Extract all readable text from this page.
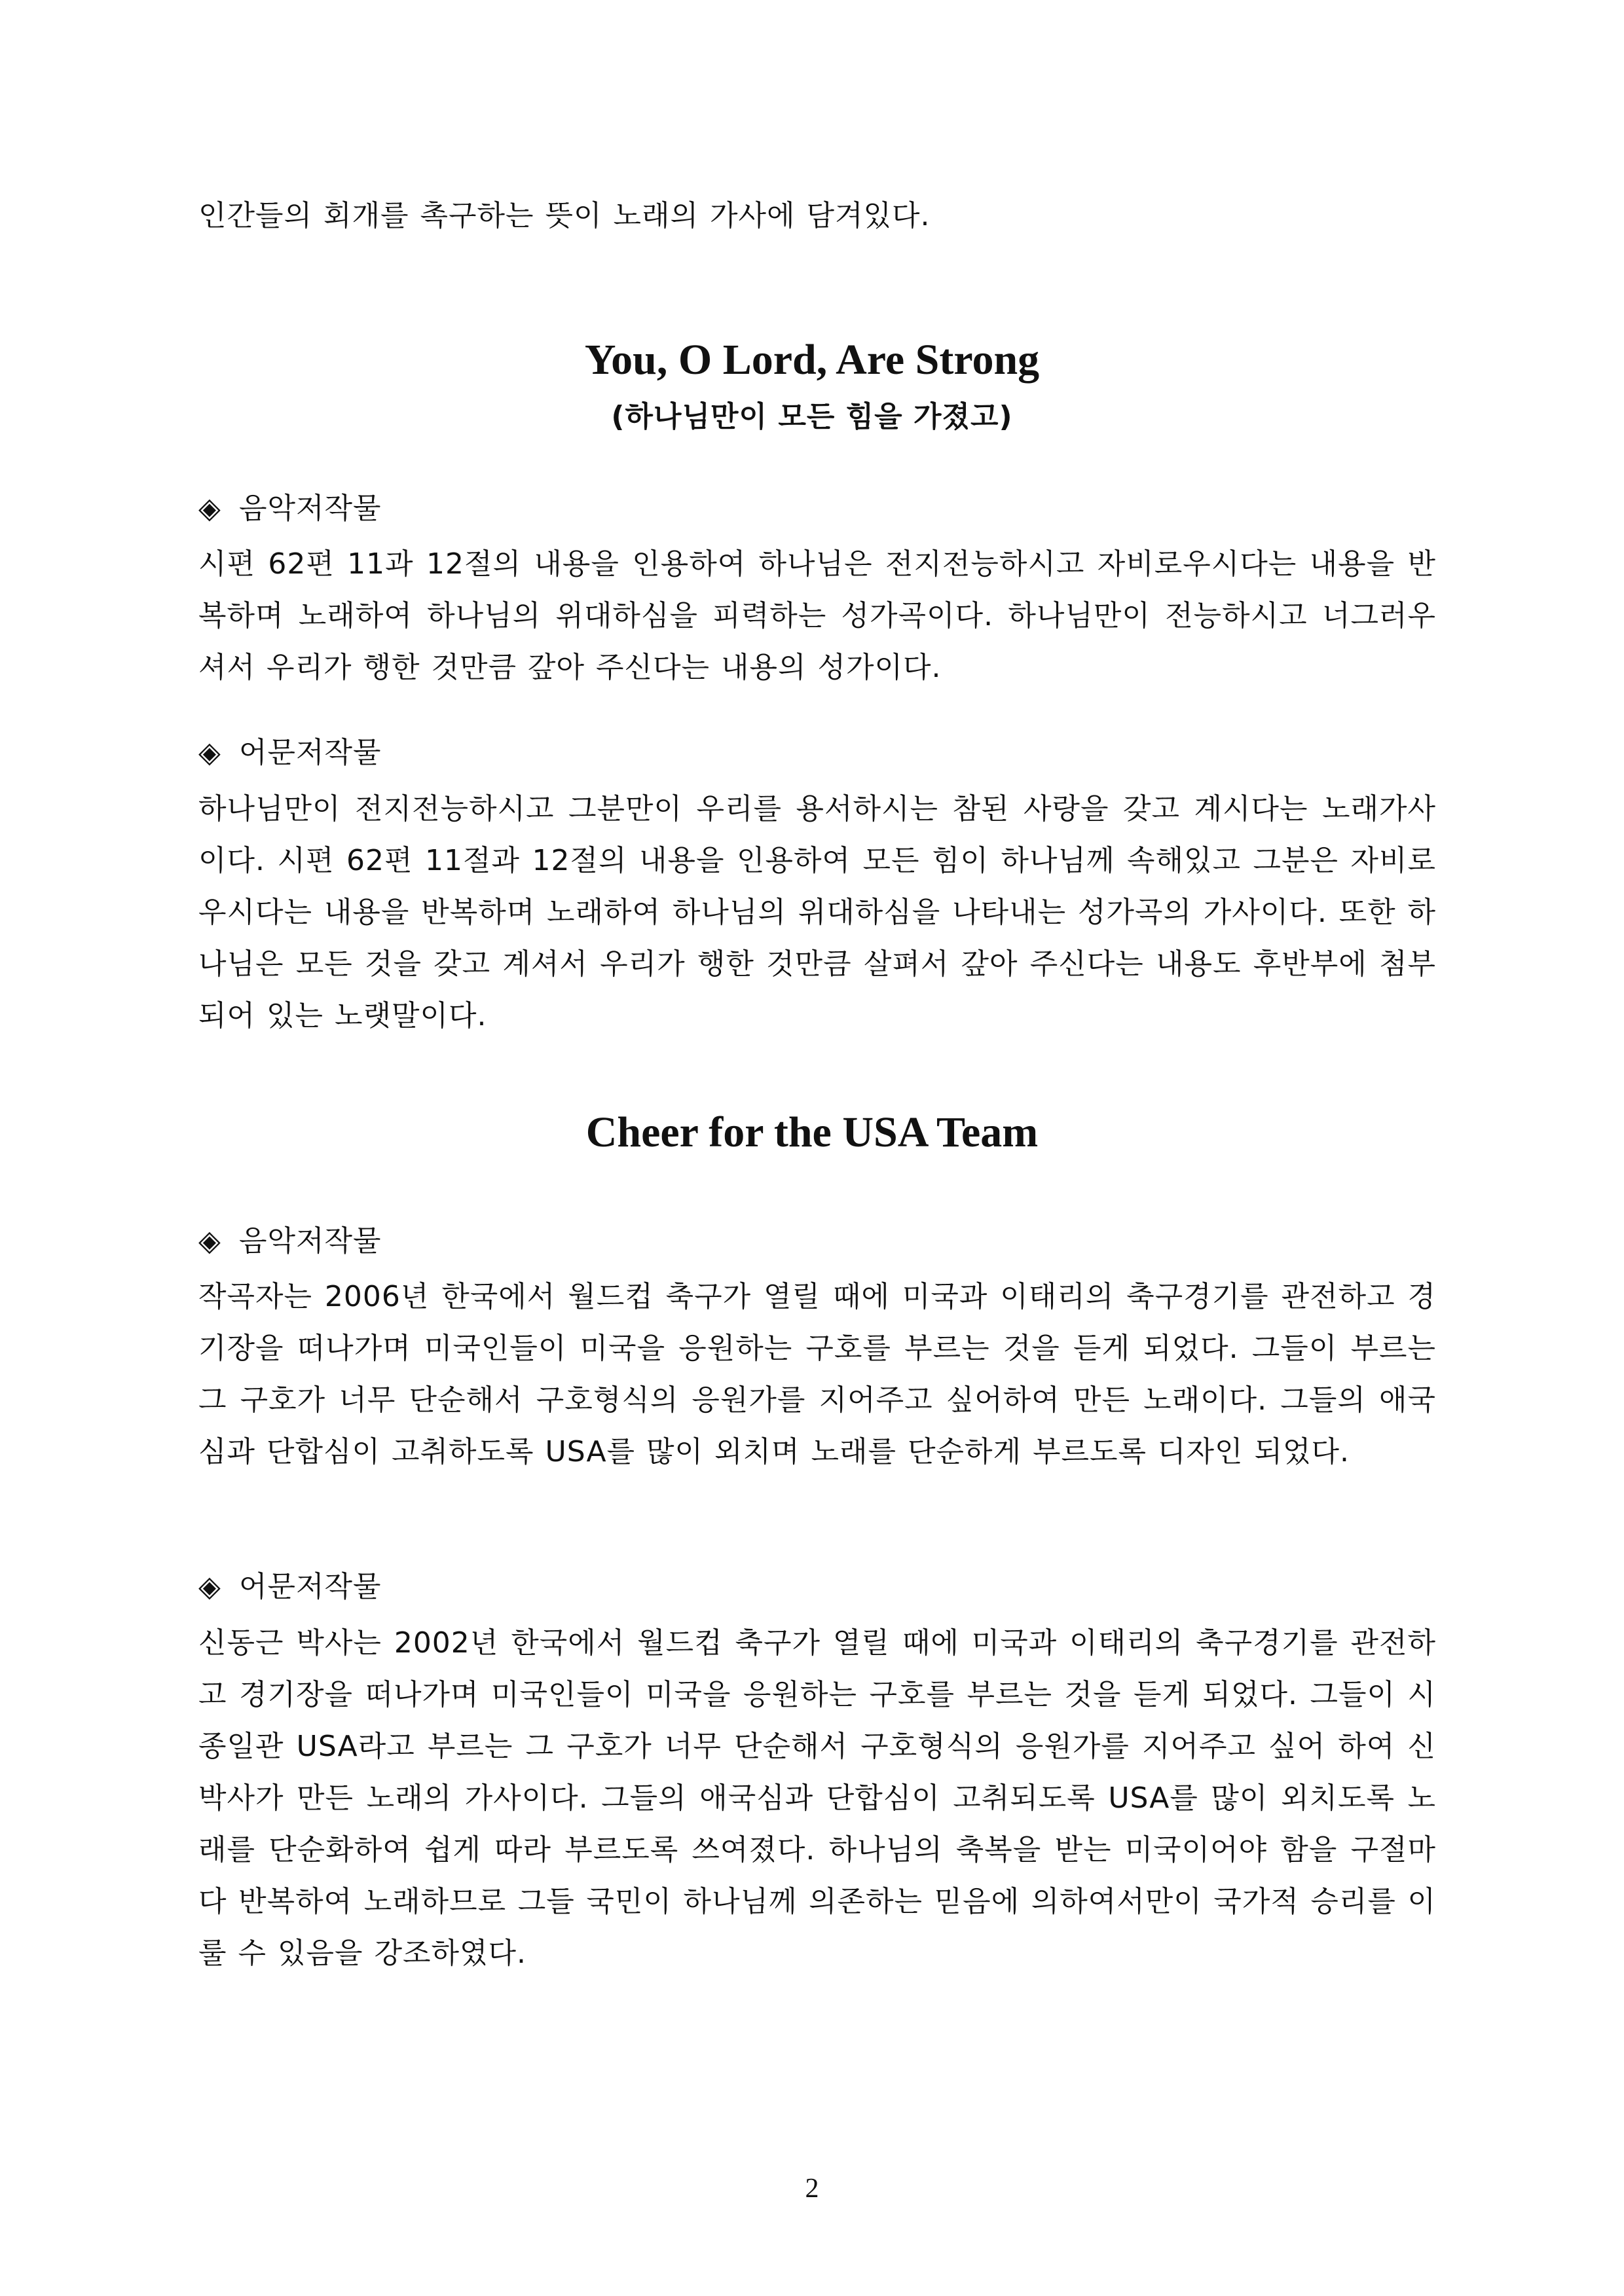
인간들의 회개를 촉구하는 뜻이 노래의 가사에 담겨있다.

You, O Lord, Are Strong
(하나님만이 모든 힘을 가졌고)
◈ 음악저작물

시편 62편 11과 12절의 내용을 인용하여 하나님은 전지전능하시고 자비로우시다는 내용을 반복하며 노래하여 하나님의 위대하심을 피력하는 성가곡이다. 하나님만이 전능하시고 너그러우셔서 우리가 행한 것만큼 갚아 주신다는 내용의 성가이다.

◈ 어문저작물

하나님만이 전지전능하시고 그분만이 우리를 용서하시는 참된 사랑을 갖고 계시다는 노래가사이다. 시편 62편 11절과 12절의 내용을 인용하여 모든 힘이 하나님께 속해있고 그분은 자비로우시다는 내용을 반복하며 노래하여 하나님의 위대하심을 나타내는 성가곡의 가사이다. 또한 하나님은 모든 것을 갖고 계셔서 우리가 행한 것만큼 살펴서 갚아 주신다는 내용도 후반부에 첨부되어 있는 노랫말이다.

Cheer for the USA Team
◈ 음악저작물

작곡자는 2006년 한국에서 월드컵 축구가 열릴 때에 미국과 이태리의 축구경기를 관전하고 경기장을 떠나가며 미국인들이 미국을 응원하는 구호를 부르는 것을 듣게 되었다. 그들이 부르는 그 구호가 너무 단순해서 구호형식의 응원가를 지어주고 싶어하여 만든 노래이다. 그들의 애국심과 단합심이 고취하도록 USA를 많이 외치며 노래를 단순하게 부르도록 디자인 되었다.

◈ 어문저작물

신동근 박사는 2002년 한국에서 월드컵 축구가 열릴 때에 미국과 이태리의 축구경기를 관전하고 경기장을 떠나가며 미국인들이 미국을 응원하는 구호를 부르는 것을 듣게 되었다. 그들이 시종일관 USA라고 부르는 그 구호가 너무 단순해서 구호형식의 응원가를 지어주고 싶어 하여 신박사가 만든 노래의 가사이다. 그들의 애국심과 단합심이 고취되도록 USA를 많이 외치도록 노래를 단순화하여 쉽게 따라 부르도록 쓰여졌다. 하나님의 축복을 받는 미국이어야 함을 구절마다 반복하여 노래하므로 그들 국민이 하나님께 의존하는 믿음에 의하여서만이 국가적 승리를 이룰 수 있음을 강조하였다.

2
